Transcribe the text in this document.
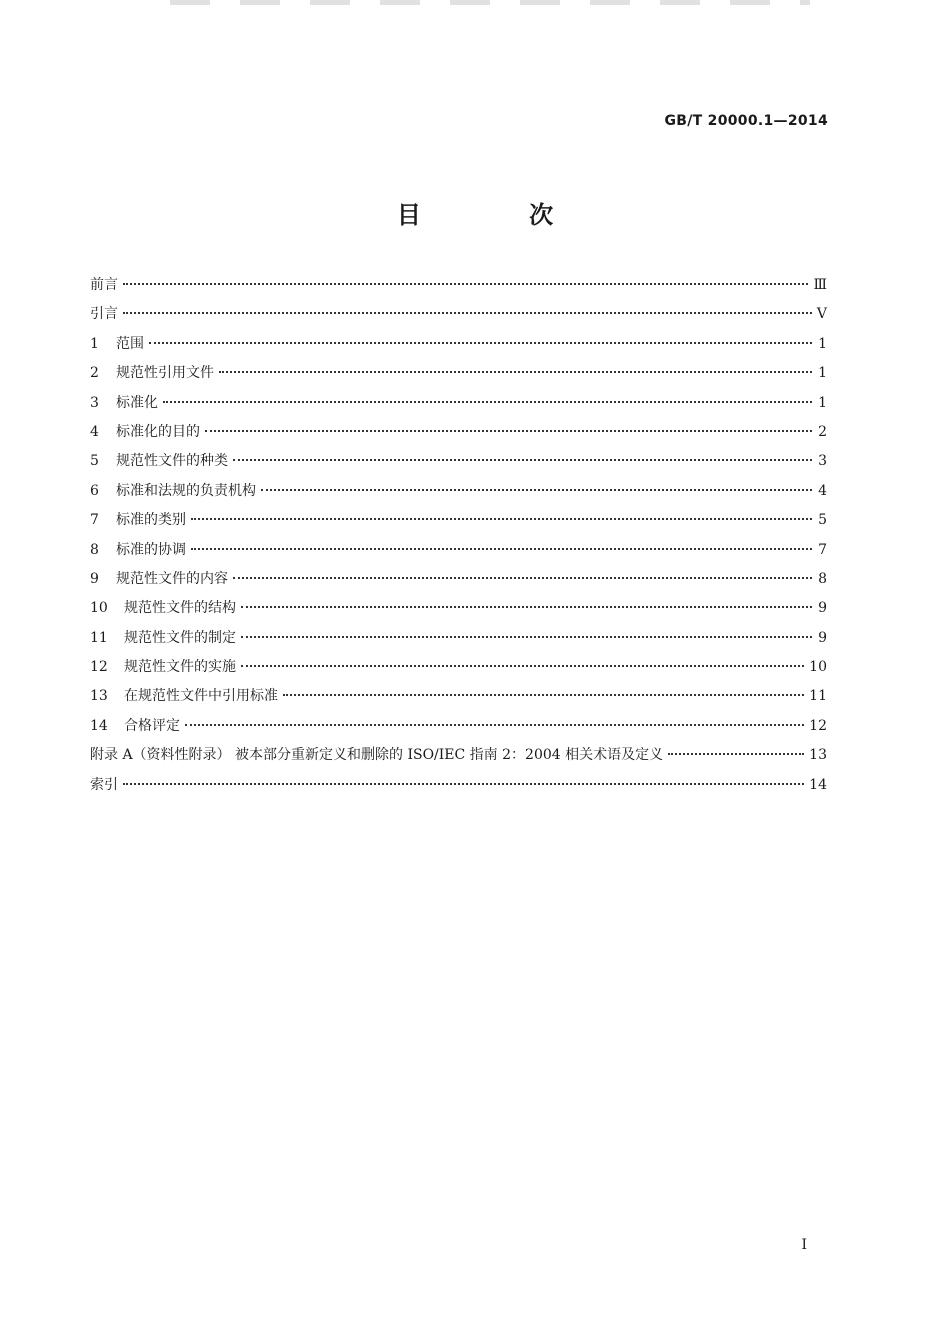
GB/T 20000.1—2014
目 次
前言	Ⅲ
引言	Ⅴ
1	范围	1
2	规范性引用文件	1
3	标准化	1
4	标准化的目的	2
5	规范性文件的种类	3
6	标准和法规的负责机构	4
7	标准的类别	5
8	标准的协调	7
9	规范性文件的内容	8
10	规范性文件的结构	9
11	规范性文件的制定	9
12	规范性文件的实施	10
13	在规范性文件中引用标准	11
14	合格评定	12
附录 A（资料性附录） 被本部分重新定义和删除的 ISO/IEC 指南 2：2004 相关术语及定义	13
索引	14
I
